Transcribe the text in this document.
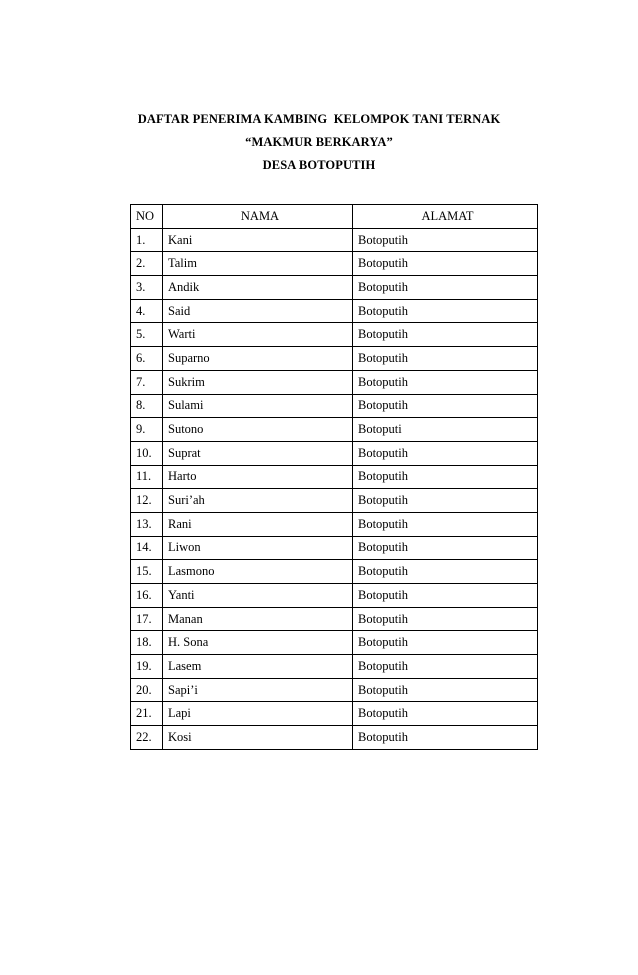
DAFTAR PENERIMA KAMBING  KELOMPOK TANI TERNAK
“MAKMUR BERKARYA”
DESA BOTOPUTIH
NO	NAMA	ALAMAT
1.	Kani	Botoputih
2.	Talim	Botoputih
3.	Andik	Botoputih
4.	Said	Botoputih
5.	Warti	Botoputih
6.	Suparno	Botoputih
7.	Sukrim	Botoputih
8.	Sulami	Botoputih
9.	Sutono	Botoputi
10.	Suprat	Botoputih
11.	Harto	Botoputih
12.	Suri’ah	Botoputih
13.	Rani	Botoputih
14.	Liwon	Botoputih
15.	Lasmono	Botoputih
16.	Yanti	Botoputih
17.	Manan	Botoputih
18.	H. Sona	Botoputih
19.	Lasem	Botoputih
20.	Sapi’i	Botoputih
21.	Lapi	Botoputih
22.	Kosi	Botoputih
